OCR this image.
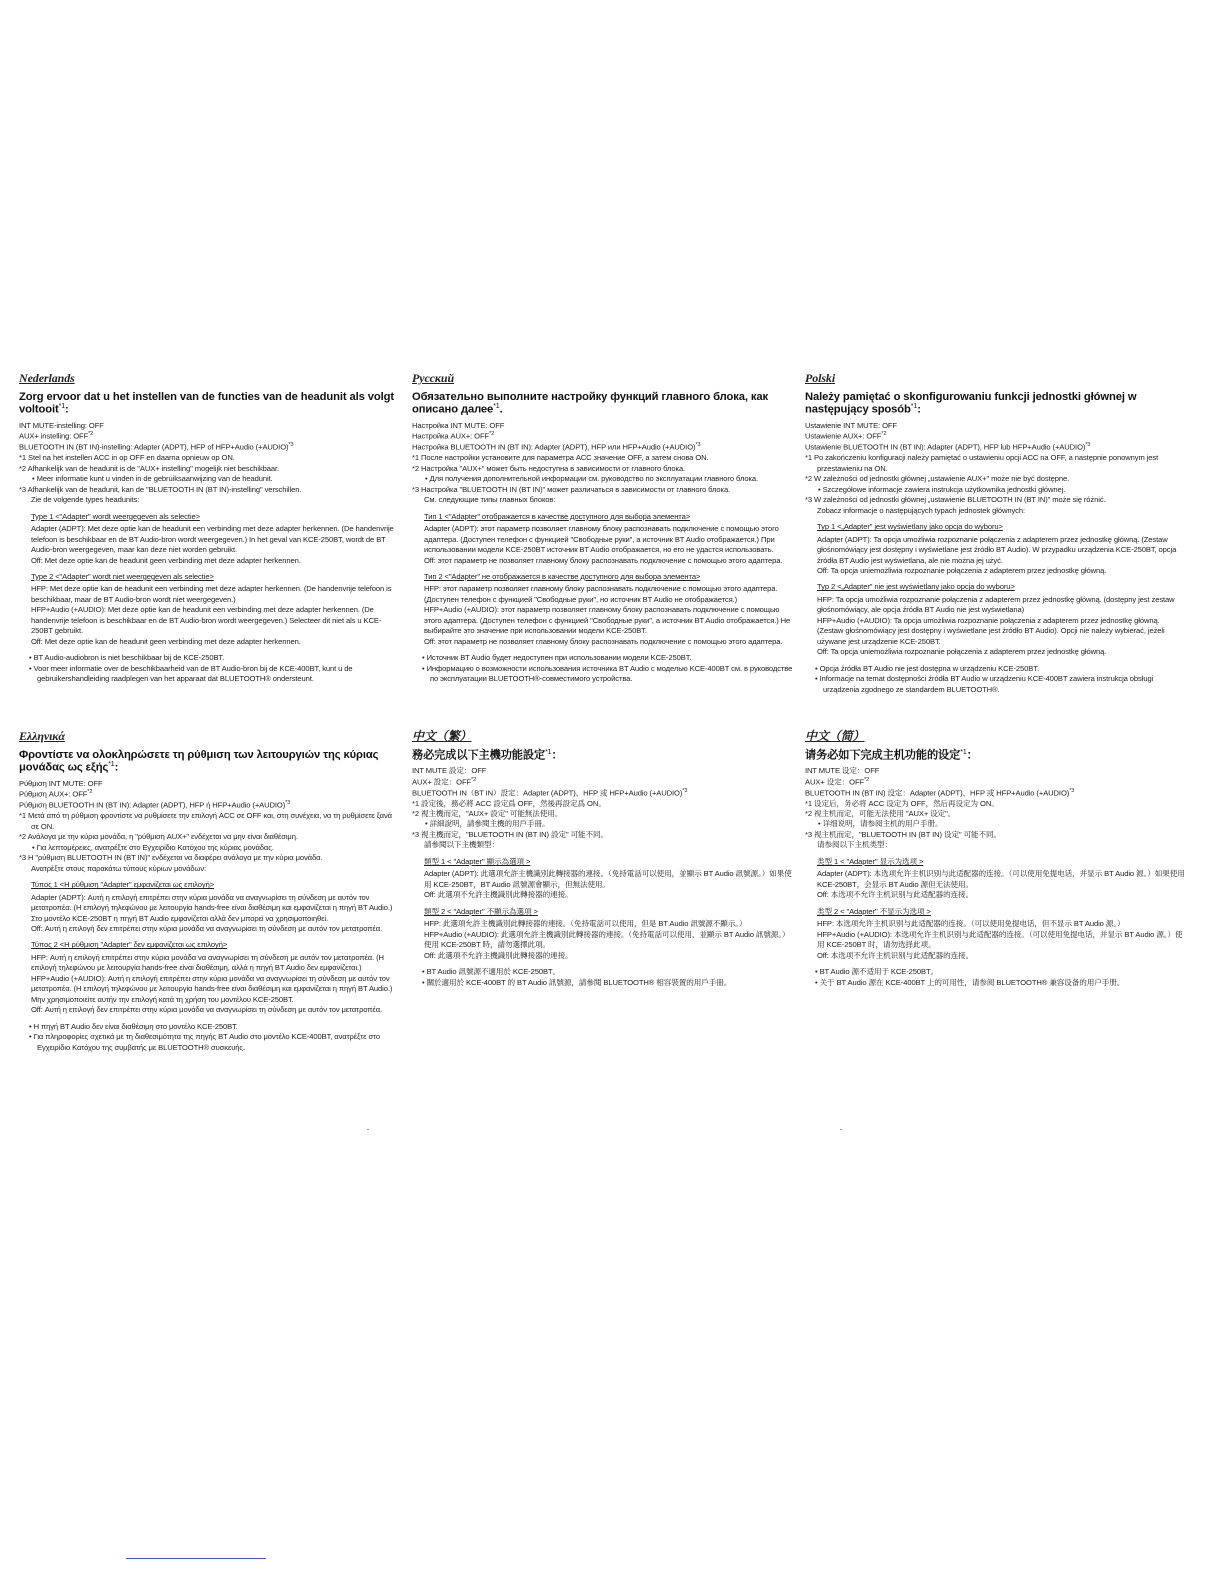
Nederlands
Zorg ervoor dat u het instellen van de functies van de headunit als volgt voltooit$^{*1}$:

INT MUTE-instelling: OFF

AUX+ instelling: OFF$^{*2}$

BLUETOOTH IN (BT IN)-instelling: Adapter (ADPT), HFP of HFP+Audio (+AUDIO)$^{*3}$

*1 Stel na het instellen ACC in op OFF en daarna opnieuw op ON.

*2 Afhankelijk van de headunit is de "AUX+ instelling" mogelijk niet beschikbaar.

• Meer informatie kunt u vinden in de gebruiksaanwijzing van de headunit.

*3 Afhankelijk van de headunit, kan de "BLUETOOTH IN (BT IN)-instelling" verschillen.

Zie de volgende types headunits:

Type 1 <"Adapter" wordt weergegeven als selectie>

Adapter (ADPT): Met deze optie kan de headunit een verbinding met deze adapter herkennen. (De handenvrije telefoon is beschikbaar en de BT Audio-bron wordt weergegeven.) In het geval van KCE-250BT, wordt de BT Audio-bron weergegeven, maar kan deze niet worden gebruikt.

Off: Met deze optie kan de headunit geen verbinding met deze adapter herkennen.

Type 2 <"Adapter" wordt niet weergegeven als selectie>

HFP: Met deze optie kan de headunit een verbinding met deze adapter herkennen. (De handenvrije telefoon is beschikbaar, maar de BT Audio-bron wordt niet weergegeven.)

HFP+Audio (+AUDIO): Met deze optie kan de headunit een verbinding met deze adapter herkennen. (De handenvrije telefoon is beschikbaar en de BT Audio-bron wordt weergegeven.) Selecteer dit niet als u KCE-250BT gebruikt.

Off: Met deze optie kan de headunit geen verbinding met deze adapter herkennen.

• BT Audio-audiobron is niet beschikbaar bij de KCE-250BT.

• Voor meer informatie over de beschikbaarheid van de BT Audio-bron bij de KCE-400BT, kunt u de gebruikershandleiding raadplegen van het apparaat dat BLUETOOTH® ondersteunt.

Русский
Обязательно выполните настройку функций главного блока, как описано далее$^{*1}$.

Настройка INT MUTE: OFF

Настройка AUX+: OFF$^{*2}$

Настройка BLUETOOTH IN (BT IN): Adapter (ADPT), HFP или HFP+Audio (+AUDIO)$^{*3}$

*1 После настройки установите для параметра ACC значение OFF, а затем снова ON.

*2 Настройка "AUX+" может быть недоступна в зависимости от главного блока.

• Для получения дополнительной информации см. руководство по эксплуатации главного блока.

*3 Настройка "BLUETOOTH IN (BT IN)" может различаться в зависимости от главного блока.

См. следующие типы главных блоков:

Тип 1 <"Adapter" отображается в качестве доступного для выбора элемента>

Adapter (ADPT): этот параметр позволяет главному блоку распознавать подключение с помощью этого адаптера. (Доступен телефон с функцией "Свободные руки", а источник BT Audio отображается.) При использовании модели KCE-250BT источник BT Audio отображается, но его не удастся использовать.

Off: этот параметр не позволяет главному блоку распознавать подключение с помощью этого адаптера.

Тип 2 <"Adapter" не отображается в качестве доступного для выбора элемента>

HFP: этот параметр позволяет главному блоку распознавать подключение с помощью этого адаптера. (Доступен телефон с функцией "Свободные руки", но источник BT Audio не отображается.)

HFP+Audio (+AUDIO): этот параметр позволяет главному блоку распознавать подключение с помощью этого адаптера. (Доступен телефон с функцией "Свободные руки", а источник BT Audio отображается.) Не выбирайте это значение при использовании модели KCE-250BT.

Off: этот параметр не позволяет главному блоку распознавать подключение с помощью этого адаптера.

• Источник BT Audio будет недоступен при использовании модели KCE-250BT.

• Информацию о возможности использования источника BT Audio с моделью KCE-400BT см. в руководстве по эксплуатации BLUETOOTH®-совместимого устройства.

Polski
Należy pamiętać o skonfigurowaniu funkcji jednostki głównej w następujący sposób$^{*1}$:

Ustawienie INT MUTE: OFF

Ustawienie AUX+: OFF$^{*2}$

Ustawienie BLUETOOTH IN (BT IN): Adapter (ADPT), HFP lub HFP+Audio (+AUDIO)$^{*3}$

*1 Po zakończeniu konfiguracji należy pamiętać o ustawieniu opcji ACC na OFF, a następnie ponownym jest przestawieniu na ON.

*2 W zależności od jednostki głównej „ustawienie AUX+" może nie być dostępne.

• Szczegółowe informacje zawiera instrukcja użytkownika jednostki głównej.

*3 W zależności od jednostki głównej „ustawienie BLUETOOTH IN (BT IN)" może się różnić.

Zobacz informacje o następujących typach jednostek głównych:

Typ 1 <„Adapter" jest wyświetlany jako opcja do wyboru>

Adapter (ADPT): Ta opcja umożliwia rozpoznanie połączenia z adapterem przez jednostkę główną. (Zestaw głośnomówiący jest dostępny i wyświetlane jest źródło BT Audio). W przypadku urządzenia KCE-250BT, opcja źródła BT Audio jest wyświetlana, ale nie można jej użyć.

Off: Ta opcja uniemożliwia rozpoznanie połączenia z adapterem przez jednostkę główną.

Typ 2 <„Adapter" nie jest wyświetlany jako opcja do wyboru>

HFP: Ta opcja umożliwia rozpoznanie połączenia z adapterem przez jednostkę główną. (dostępny jest zestaw głośnomówiący, ale opcja źródła BT Audio nie jest wyświetlana)

HFP+Audio (+AUDIO): Ta opcja umożliwia rozpoznanie połączenia z adapterem przez jednostkę główną. (Zestaw głośnomówiący jest dostępny i wyświetlane jest źródło BT Audio). Opcji nie należy wybierać, jeżeli używane jest urządzenie KCE-250BT.

Off: Ta opcja uniemożliwia rozpoznanie połączenia z adapterem przez jednostkę główną.

• Opcja źródła BT Audio nie jest dostępna w urządzeniu KCE-250BT.

• Informacje na temat dostępności źródła BT Audio w urządzeniu KCE-400BT zawiera instrukcja obsługi urządzenia zgodnego ze standardem BLUETOOTH®.

Ελληνικά
Φροντίστε να ολοκληρώσετε τη ρύθμιση των λειτουργιών της κύριας μονάδας ως εξής$^{*1}$:

Ρύθμιση INT MUTE: OFF

Ρύθμιση AUX+: OFF$^{*2}$

Ρύθμιση BLUETOOTH IN (BT IN): Adapter (ADPT), HFP ή HFP+Audio (+AUDIO)$^{*3}$

*1 Μετά από τη ρύθμιση φροντίστε να ρυθμίσετε την επιλογή ACC σε OFF και, στη συνέχεια, να τη ρυθμίσετε ξανά σε ON.

*2 Ανάλογα με την κύρια μονάδα, η "ρύθμιση AUX+" ενδέχεται να μην είναι διαθέσιμη.

• Για λεπτομέρειες, ανατρέξτε στο Εγχειρίδιο Κατόχου της κύριας μονάδας.

*3 Η "ρύθμιση BLUETOOTH IN (BT IN)" ενδέχεται να διαφέρει ανάλογα με την κύρια μονάδα.

Ανατρέξτε στους παρακάτω τύπους κύριων μονάδων:

Τύπος 1 <Η ρύθμιση "Adapter" εμφανίζεται ως επιλογή>

Adapter (ADPT): Αυτή η επιλογή επιτρέπει στην κύρια μονάδα να αναγνωρίσει τη σύνδεση με αυτόν τον μετατροπέα. (Η επιλογή τηλεφώνου με λειτουργία hands-free είναι διαθέσιμη και εμφανίζεται η πηγή BT Audio.) Στο μοντέλο KCE-250BT η πηγή BT Audio εμφανίζεται αλλά δεν μπορεί να χρησιμοποιηθεί.

Off: Αυτή η επιλογή δεν επιτρέπει στην κύρια μονάδα να αναγνωρίσει τη σύνδεση με αυτόν τον μετατροπέα.

Τύπος 2 <Η ρύθμιση "Adapter" δεν εμφανίζεται ως επιλογή>

HFP: Αυτή η επιλογή επιτρέπει στην κύρια μονάδα να αναγνωρίσει τη σύνδεση με αυτόν τον μετατροπέα. (Η επιλογή τηλεφώνου με λειτουργία hands-free είναι διαθέσιμη, αλλά η πηγή BT Audio δεν εμφανίζεται.)

HFP+Audio (+AUDIO): Αυτή η επιλογή επιτρέπει στην κύρια μονάδα να αναγνωρίσει τη σύνδεση με αυτόν τον μετατροπέα. (Η επιλογή τηλεφώνου με λειτουργία hands-free είναι διαθέσιμη και εμφανίζεται η πηγή BT Audio.) Μην χρησιμοποιείτε αυτήν την επιλογή κατά τη χρήση του μοντέλου KCE-250BT.

Off: Αυτή η επιλογή δεν επιτρέπει στην κύρια μονάδα να αναγνωρίσει τη σύνδεση με αυτόν τον μετατροπέα.

• Η πηγή BT Audio δεν είναι διαθέσιμη στο μοντέλο KCE-250BT.

• Για πληροφορίες σχετικά με τη διαθεσιμότητα της πηγής BT Audio στο μοντέλο KCE-400BT, ανατρέξτε στο Εγχειρίδιο Κατόχου της συμβατής με BLUETOOTH® συσκευής.

中文（繁）
務必完成以下主機功能設定$^{*1}$：

INT MUTE 設定：OFF

AUX+ 設定：OFF$^{*2}$

BLUETOOTH IN（BT IN）設定：Adapter (ADPT)、HFP 或 HFP+Audio (+AUDIO)$^{*3}$

*1 設定後，務必將 ACC 設定爲 OFF，然後再設定爲 ON。

*2 視主機而定，"AUX+ 設定" 可能無法使用。

• 詳細說明，請參閱主機的用戶手冊。

*3 視主機而定，"BLUETOOTH IN (BT IN) 設定" 可能不同。

請參閱以下主機類型：

類型 1 < "Adapter" 顯示為選項 >

Adapter (ADPT): 此選項允許主機識別此轉接器的連接。（免持電話可以使用，並顯示 BT Audio 訊號源。）如果使用 KCE-250BT，BT Audio 訊號源會顯示，但無法使用。

Off: 此選項不允許主機識別此轉接器的連接。

類型 2 < "Adapter" 不顯示為選項 >

HFP: 此選項允許主機識別此轉接器的連接。（免持電話可以使用，但是 BT Audio 訊號源不顯示。）

HFP+Audio (+AUDIO): 此選項允許主機識別此轉接器的連接。（免持電話可以使用，並顯示 BT Audio 訊號源。）使用 KCE-250BT 時，請勿選擇此項。

Off: 此選項不允許主機識別此轉接器的連接。

• BT Audio 訊號源不適用於 KCE-250BT。

• 關於適用於 KCE-400BT 的 BT Audio 訊號源，請參閱 BLUETOOTH® 相容裝置的用戶手冊。

中文（简）
请务必如下完成主机功能的设定$^{*1}$：

INT MUTE 设定：OFF

AUX+ 设定：OFF$^{*2}$

BLUETOOTH IN (BT IN) 设定：Adapter (ADPT)、HFP 或 HFP+Audio (+AUDIO)$^{*3}$

*1 设定后，务必将 ACC 设定为 OFF，然后再设定为 ON。

*2 视主机而定，可能无法使用 "AUX+ 设定"。

• 详细说明，请参阅主机的用户手册。

*3 视主机而定，"BLUETOOTH IN (BT IN) 设定" 可能不同。

请参阅以下主机类型：

类型 1 < "Adapter" 显示为选项 >

Adapter (ADPT): 本选项允许主机识别与此适配器的连接。（可以使用免提电话，并显示 BT Audio 源。）如果使用 KCE-250BT，会显示 BT Audio 源但无法使用。

Off: 本选项不允许主机识别与此适配器的连接。

类型 2 < "Adapter" 不显示为选项 >

HFP: 本选项允许主机识别与此适配器的连接。（可以使用免提电话，但不显示 BT Audio 源。）

HFP+Audio (+AUDIO): 本选项允许主机识别与此适配器的连接。（可以使用免提电话，并显示 BT Audio 源。）使用 KCE-250BT 时，请勿选择此项。

Off: 本选项不允许主机识别与此适配器的连接。

• BT Audio 源不适用于 KCE-250BT。

• 关于 BT Audio 源在 KCE-400BT 上的可用性，请参阅 BLUETOOTH® 兼容设备的用户手册。
